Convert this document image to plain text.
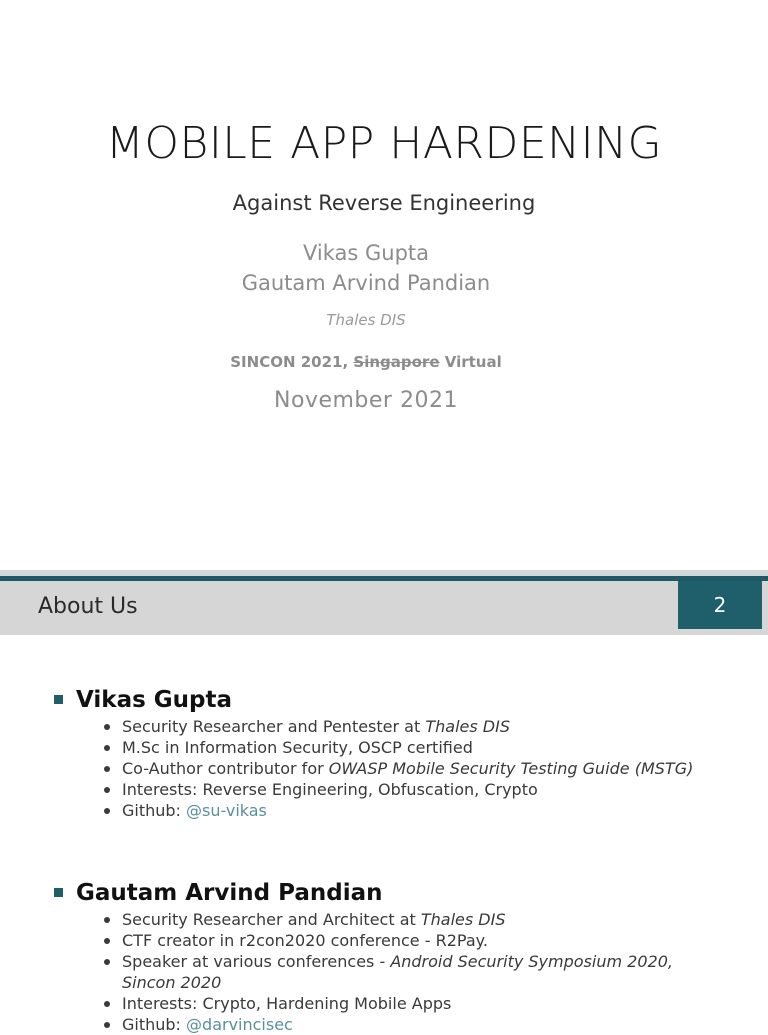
MOBILE APP HARDENING
Against Reverse Engineering
Vikas Gupta
Gautam Arvind Pandian
Thales DIS
SINCON 2021, Singapore Virtual
November 2021
About Us	2
Vikas Gupta
Security Researcher and Pentester at Thales DIS
M.Sc in Information Security, OSCP certified
Co-Author contributor for OWASP Mobile Security Testing Guide (MSTG)
Interests: Reverse Engineering, Obfuscation, Crypto
Github: @su-vikas
Gautam Arvind Pandian
Security Researcher and Architect at Thales DIS
CTF creator in r2con2020 conference - R2Pay.
Speaker at various conferences - Android Security Symposium 2020, Sincon 2020
Interests: Crypto, Hardening Mobile Apps
Github: @darvincisec
